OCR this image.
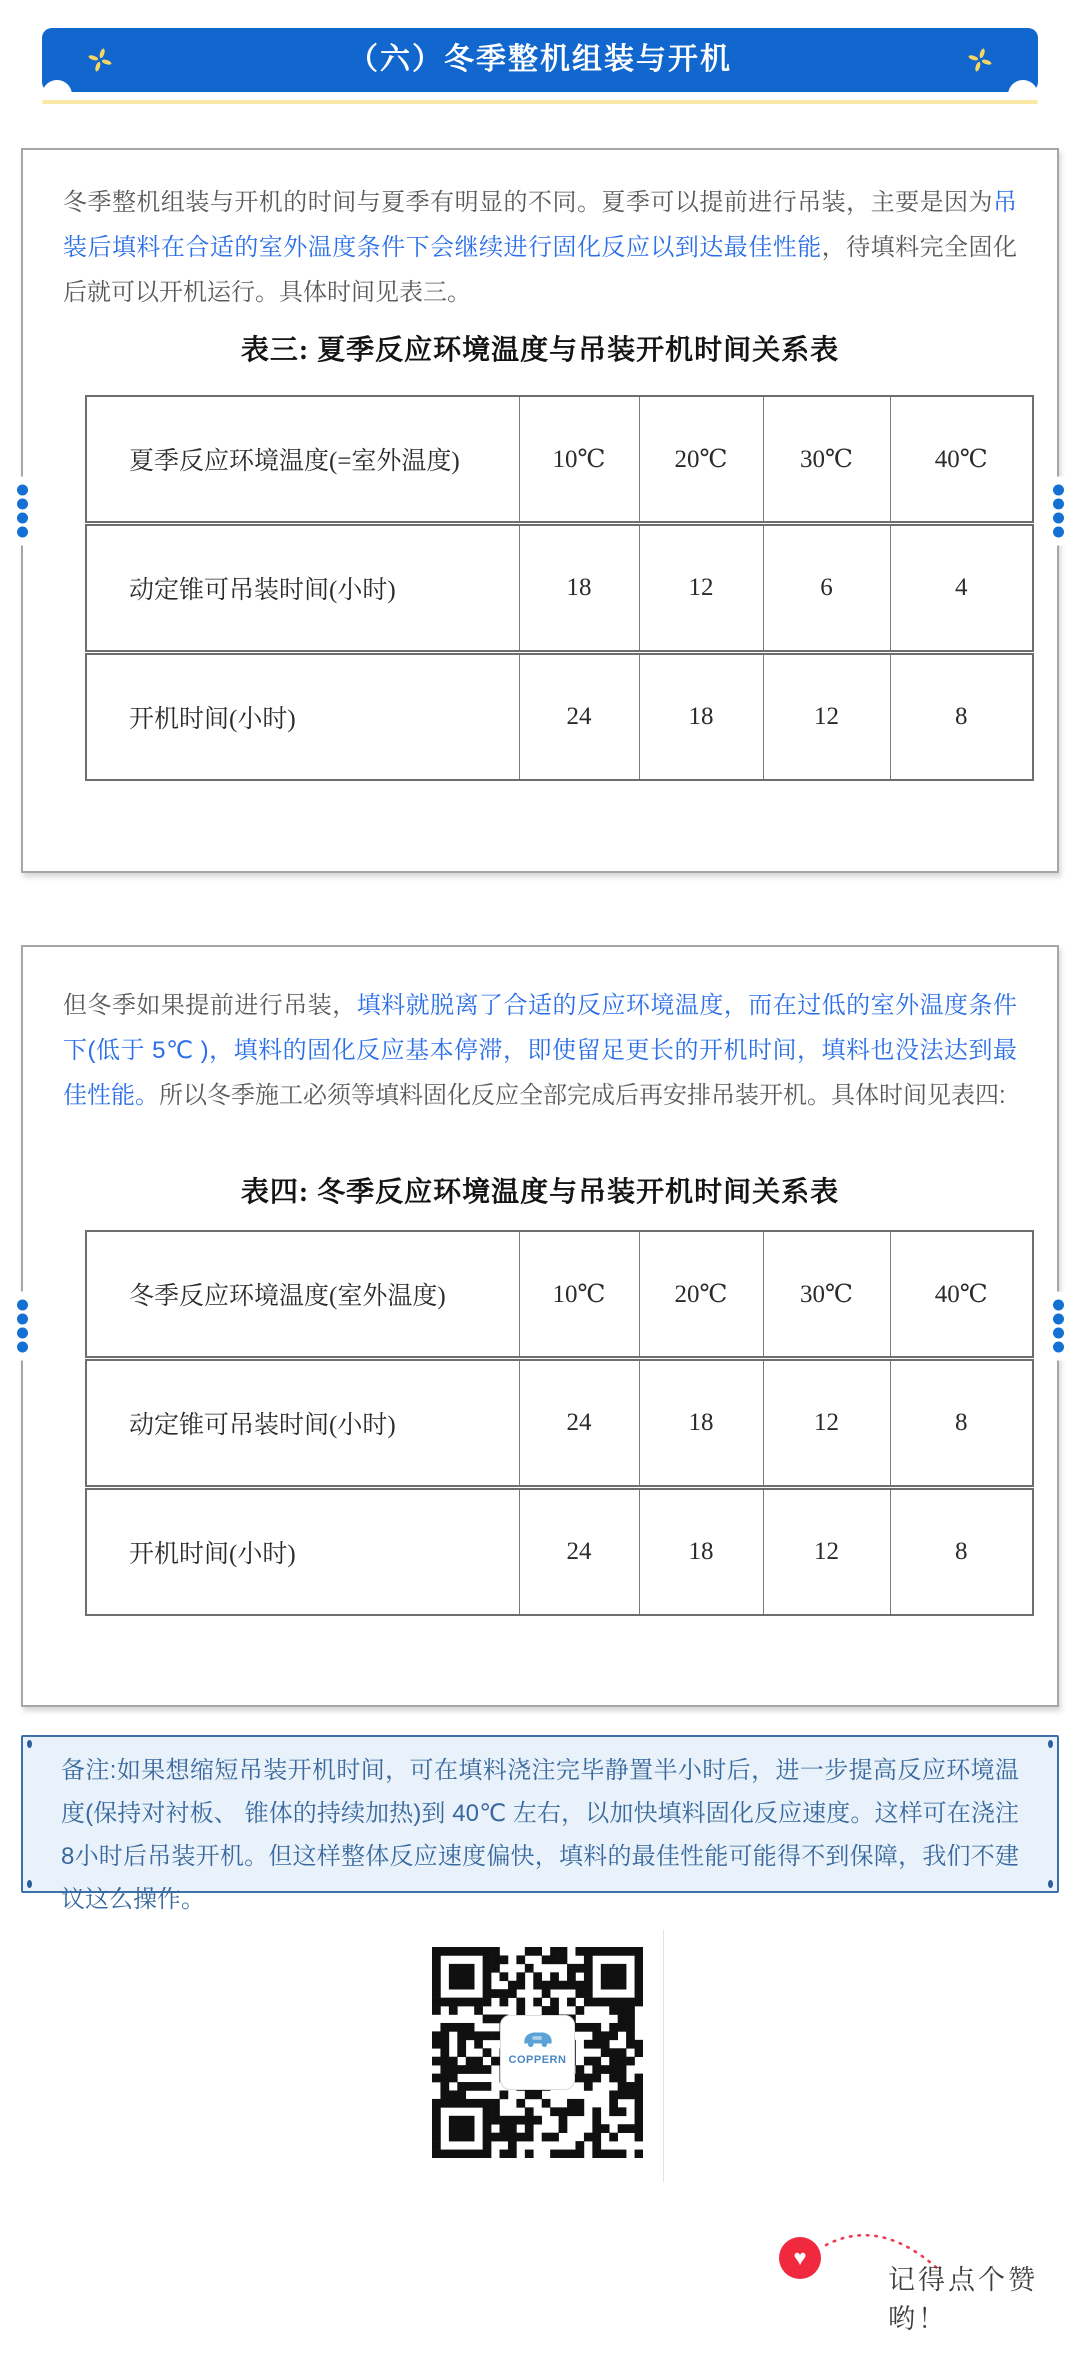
（六）冬季整机组装与开机

冬季整机组装与开机的时间与夏季有明显的不同。夏季可以提前进行吊装，主要是因为吊装后填料在合适的室外温度条件下会继续进行固化反应以到达最佳性能，待填料完全固化后就可以开机运行。具体时间见表三。

表三: 夏季反应环境温度与吊装开机时间关系表
夏季反应环境温度(=室外温度)	10℃	20℃	30℃	40℃
动定锥可吊装时间(小时)	18	12	6	4
开机时间(小时)	24	18	12	8

但冬季如果提前进行吊装，填料就脱离了合适的反应环境温度，而在过低的室外温度条件下(低于 5℃ )，填料的固化反应基本停滞，即使留足更长的开机时间，填料也没法达到最佳性能。所以冬季施工必须等填料固化反应全部完成后再安排吊装开机。具体时间见表四:

表四: 冬季反应环境温度与吊装开机时间关系表
冬季反应环境温度(室外温度)	10℃	20℃	30℃	40℃
动定锥可吊装时间(小时)	24	18	12	8
开机时间(小时)	24	18	12	8

备注:如果想缩短吊装开机时间，可在填料浇注完毕静置半小时后，进一步提高反应环境温度(保持对衬板、 锥体的持续加热)到 40℃ 左右，以加快填料固化反应速度。这样可在浇注8小时后吊装开机。但这样整体反应速度偏快，填料的最佳性能可能得不到保障，我们不建议这么操作。

COPPERN
♥

记得点个赞哟！
